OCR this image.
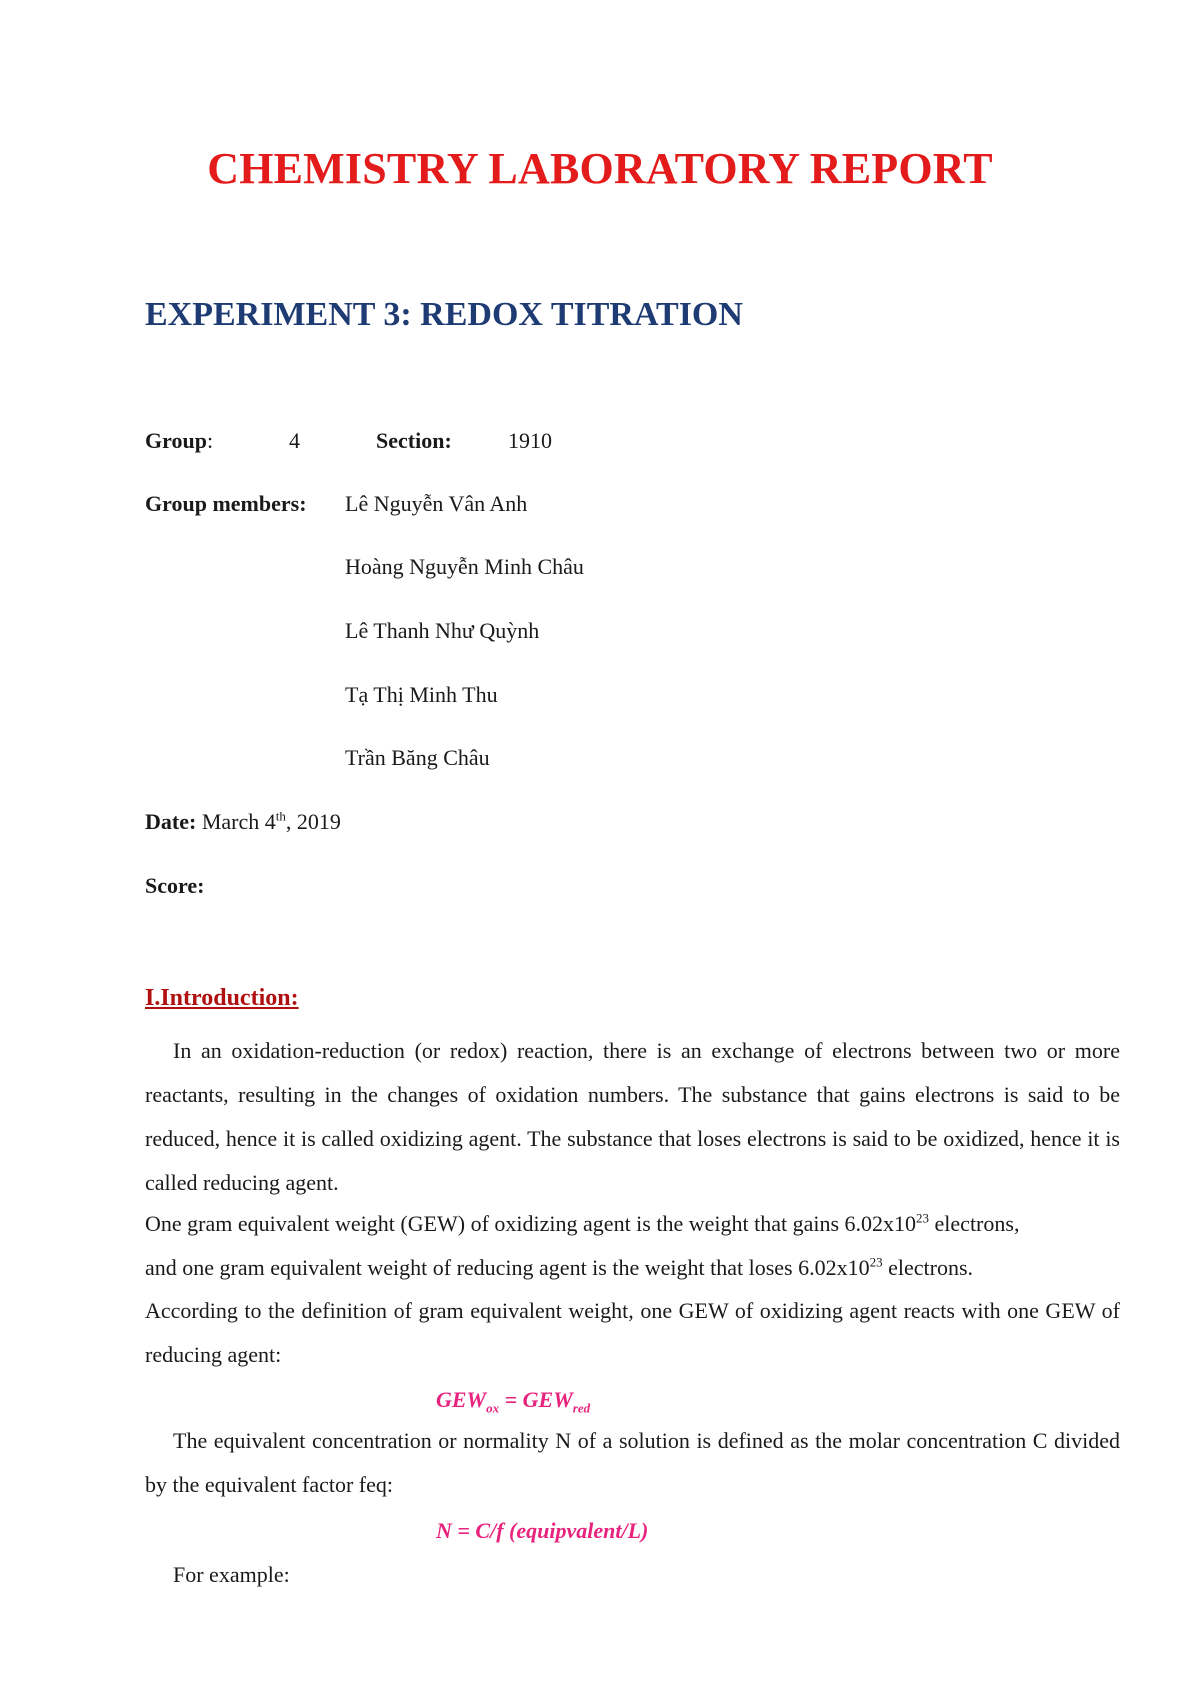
CHEMISTRY LABORATORY REPORT
EXPERIMENT 3: REDOX TITRATION
Group:	4	Section:	1910
Group members: Lê Nguyễn Vân Anh
Hoàng Nguyễn Minh Châu
Lê Thanh Như Quỳnh
Tạ Thị Minh Thu
Trần Băng Châu
Date: March 4th, 2019
Score:
I.Introduction:

In an oxidation-reduction (or redox) reaction, there is an exchange of electrons between two or more reactants, resulting in the changes of oxidation numbers. The substance that gains electrons is said to be reduced, hence it is called oxidizing agent. The substance that loses electrons is said to be oxidized, hence it is called reducing agent.

One gram equivalent weight (GEW) of oxidizing agent is the weight that gains $6.02x10^{23}$ electrons,
and one gram equivalent weight of reducing agent is the weight that loses $6.02x10^{23}$ electrons.

According to the definition of gram equivalent weight, one GEW of oxidizing agent reacts with one GEW of reducing agent:

$GEW_{ox} = GEW_{red}$

The equivalent concentration or normality N of a solution is defined as the molar concentration C divided by the equivalent factor feq:

N = C/f (equipvalent/L)
For example:
